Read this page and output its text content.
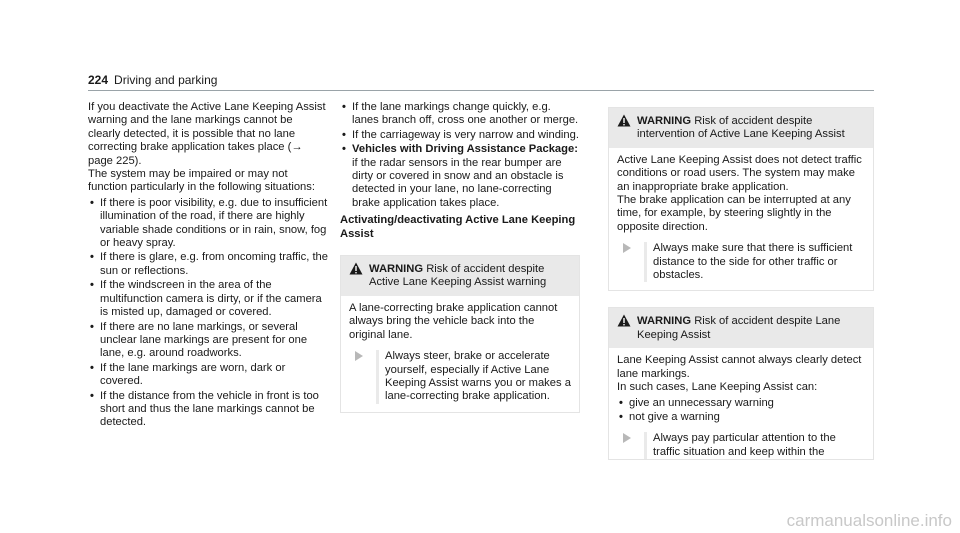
224 Driving and parking

If you deactivate the Active Lane Keeping Assist warning and the lane markings cannot be clearly detected, it is possible that no lane correcting brake application takes place (→ page 225).

The system may be impaired or may not function particularly in the following situations:

• If there is poor visibility, e.g. due to insufficient illumination of the road, if there are highly variable shade conditions or in rain, snow, fog or heavy spray.
• If there is glare, e.g. from oncoming traffic, the sun or reflections.
• If the windscreen in the area of the multifunction camera is dirty, or if the camera is misted up, damaged or covered.
• If there are no lane markings, or several unclear lane markings are present for one lane, e.g. around roadworks.
• If the lane markings are worn, dark or covered.
• If the distance from the vehicle in front is too short and thus the lane markings cannot be detected.
• If the lane markings change quickly, e.g. lanes branch off, cross one another or merge.
• If the carriageway is very narrow and winding.
• Vehicles with Driving Assistance Package: if the radar sensors in the rear bumper are dirty or covered in snow and an obstacle is detected in your lane, no lane-correcting brake application takes place.

Activating/deactivating Active Lane Keeping Assist

WARNING Risk of accident despite Active Lane Keeping Assist warning

A lane-correcting brake application cannot always bring the vehicle back into the original lane.

Always steer, brake or accelerate yourself, especially if Active Lane Keeping Assist warns you or makes a lane-correcting brake application.
WARNING Risk of accident despite intervention of Active Lane Keeping Assist

Active Lane Keeping Assist does not detect traffic conditions or road users. The system may make an inappropriate brake application.

The brake application can be interrupted at any time, for example, by steering slightly in the opposite direction.

Always make sure that there is sufficient distance to the side for other traffic or obstacles.
WARNING Risk of accident despite Lane Keeping Assist

Lane Keeping Assist cannot always clearly detect lane markings.

In such cases, Lane Keeping Assist can:

• give an unnecessary warning
• not give a warning
Always pay particular attention to the traffic situation and keep within the
carmanualsonline.info
